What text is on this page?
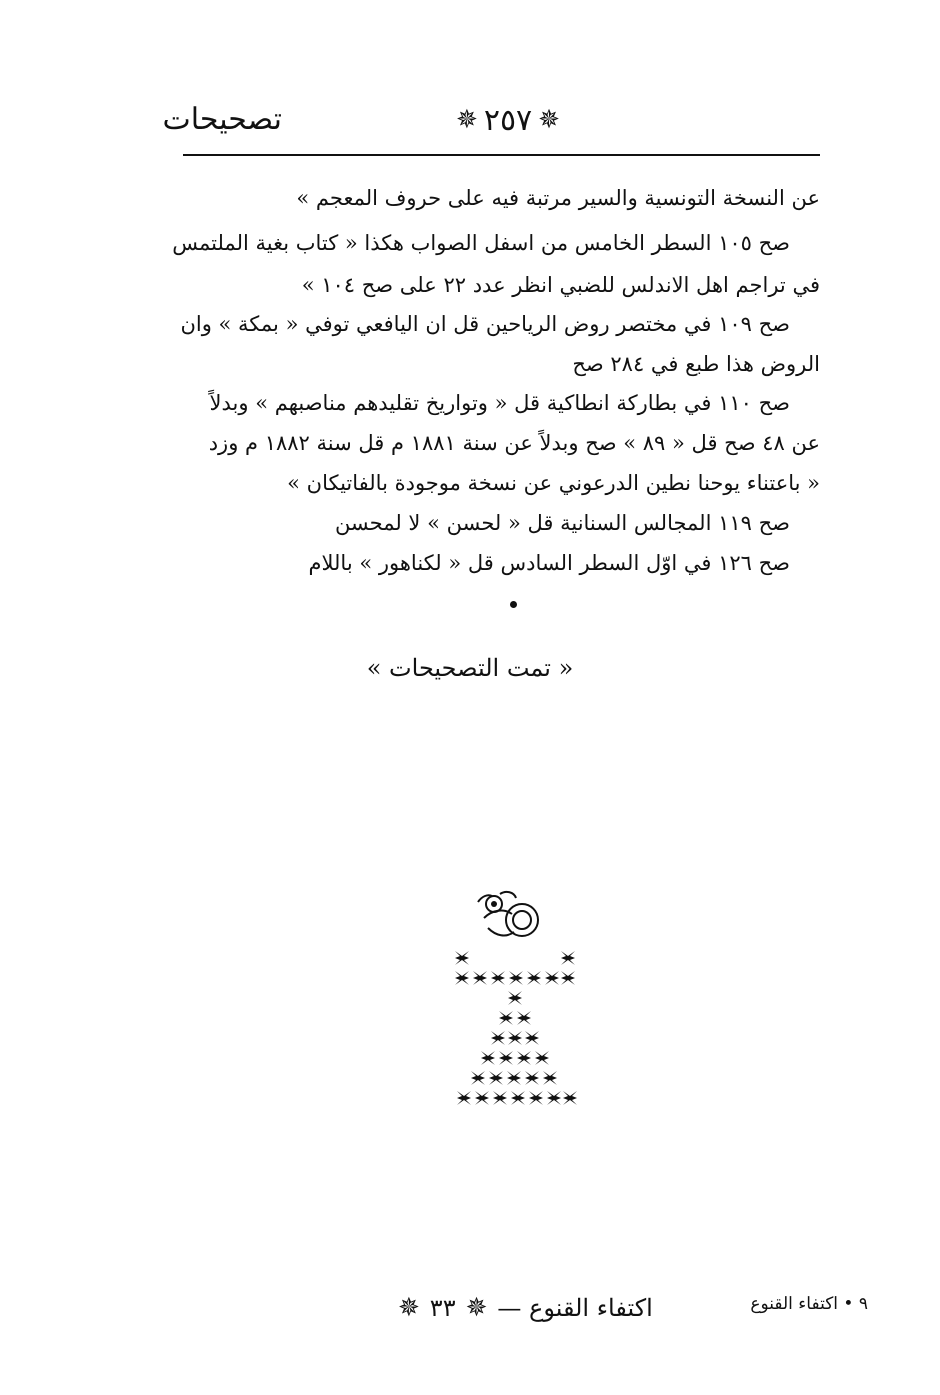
تصحيحات	✵ ٢٥٧ ✵
عن النسخة التونسية والسير مرتبة فيه على حروف المعجم »
صح ١٠٥ السطر الخامس من اسفل الصواب هكذا « كتاب بغية الملتمس
في تراجم اهل الاندلس للضبي انظر عدد ٢٢ على صح ١٠٤ »
صح ١٠٩ في مختصر روض الرياحين قل ان اليافعي توفي « بمكة » وان
الروض هذا طبع في ٢٨٤ صح
صح ١١٠ في بطاركة انطاكية قل « وتواريخ تقليدهم مناصبهم » وبدلاً
عن ٤٨ صح قل « ٨٩ » صح وبدلاً عن سنة ١٨٨١ م قل سنة ١٨٨٢ م وزد
« باعتناء يوحنا نطين الدرعوني عن نسخة موجودة بالفاتيكان »
صح ١١٩ المجالس السنانية قل « لحسن » لا لمحسن
صح ١٢٦ في اوّل السطر السادس قل « لكناهور » باللام
« تمت التصحيحات »
✵ ٣٣ ✵ اكتفاء القنوع —	٩ • اكتفاء القنوع
